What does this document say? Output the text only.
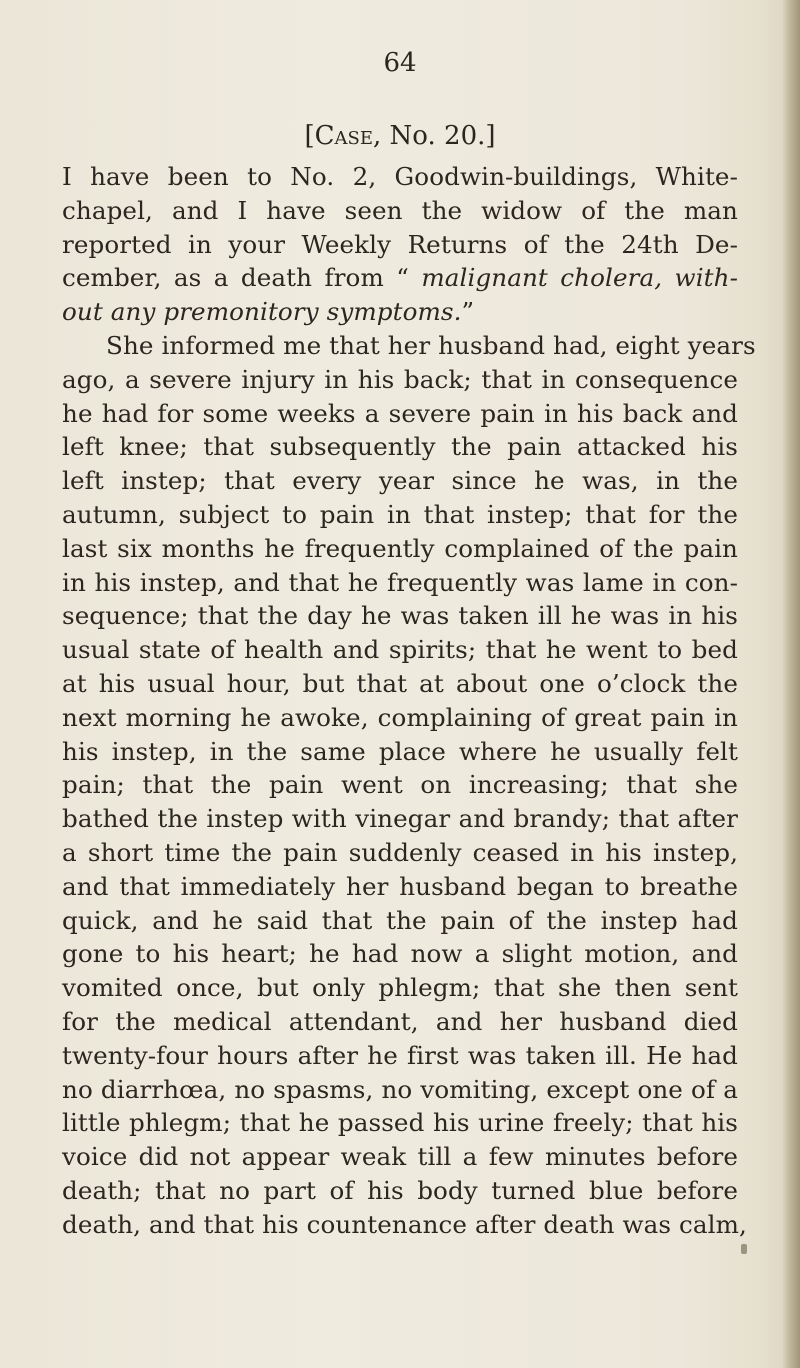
64
[Case, No. 20.]
I have been to No. 2, Goodwin-buildings, White-
chapel, and I have seen the widow of the man
reported in your Weekly Returns of the 24th De-
cember, as a death from “ malignant cholera, with-
out any premonitory symptoms.”
She informed me that her husband had, eight years
ago, a severe injury in his back; that in consequence
he had for some weeks a severe pain in his back and
left knee; that subsequently the pain attacked his
left instep; that every year since he was, in the
autumn, subject to pain in that instep; that for the
last six months he frequently complained of the pain
in his instep, and that he frequently was lame in con-
sequence; that the day he was taken ill he was in his
usual state of health and spirits; that he went to bed
at his usual hour, but that at about one o’clock the
next morning he awoke, complaining of great pain in
his instep, in the same place where he usually felt
pain; that the pain went on increasing; that she
bathed the instep with vinegar and brandy; that after
a short time the pain suddenly ceased in his instep,
and that immediately her husband began to breathe
quick, and he said that the pain of the instep had
gone to his heart; he had now a slight motion, and
vomited once, but only phlegm; that she then sent
for the medical attendant, and her husband died
twenty-four hours after he first was taken ill. He had
no diarrhœa, no spasms, no vomiting, except one of a
little phlegm; that he passed his urine freely; that his
voice did not appear weak till a few minutes before
death; that no part of his body turned blue before
death, and that his countenance after death was calm,
